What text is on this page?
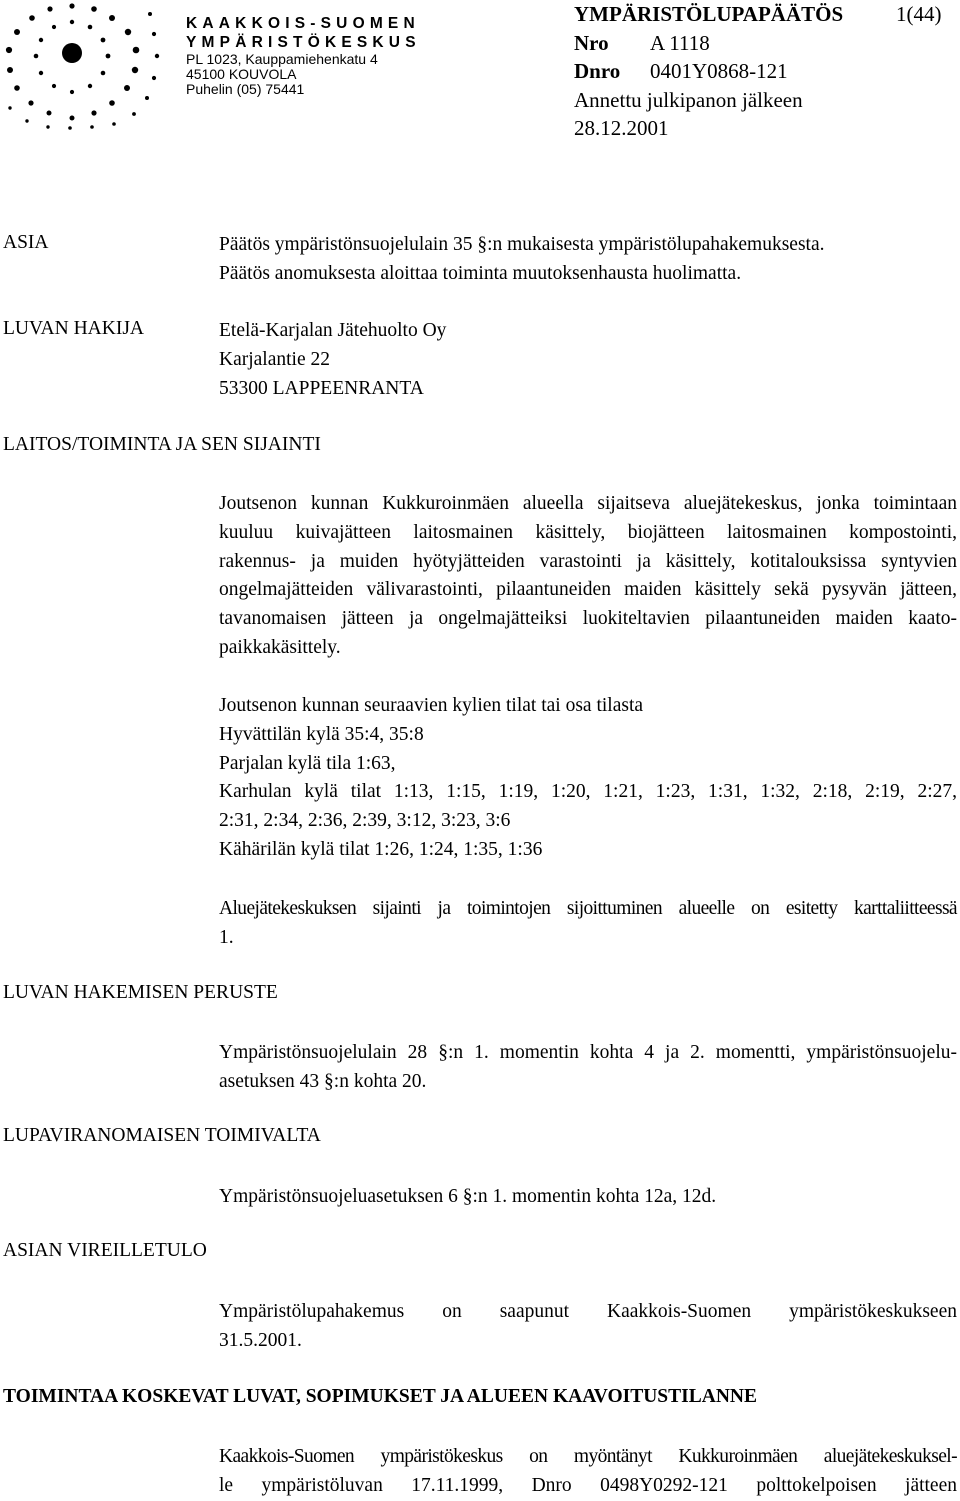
KAAKKOIS-SUOMEN
YMPÄRISTÖKESKUS
PL 1023, Kauppamiehenkatu 4
45100 KOUVOLA
Puhelin (05) 75441
YMPÄRISTÖLUPAPÄÄTÖS	1(44)
Nro A 1118
Dnro 0401Y0868-121
Annettu julkipanon jälkeen
28.12.2001
ASIA	Päätös ympäristönsuojelulain 35 §:n mukaisesta ympäristölupahakemuksesta.
Päätös anomuksesta aloittaa toiminta muutoksenhausta huolimatta.
LUVAN HAKIJA	Etelä-Karjalan Jätehuolto Oy
Karjalantie 22
53300 LAPPEENRANTA
LAITOS/TOIMINTA JA SEN SIJAINTI
Joutsenon kunnan Kukkuroinmäen alueella sijaitseva aluejätekeskus, jonka toimintaan
kuuluu kuivajätteen laitosmainen käsittely, biojätteen laitosmainen kompostointi,
rakennus- ja muiden hyötyjätteiden varastointi ja käsittely, kotitalouksissa syntyvien
ongelmajätteiden välivarastointi, pilaantuneiden maiden käsittely sekä pysyvän jätteen,
tavanomaisen jätteen ja ongelmajätteiksi luokiteltavien pilaantuneiden maiden kaato-
paikkakäsittely.
Joutsenon kunnan seuraavien kylien tilat tai osa tilasta
Hyvättilän kylä 35:4, 35:8
Parjalan kylä tila 1:63,
Karhulan kylä tilat 1:13, 1:15, 1:19, 1:20, 1:21, 1:23, 1:31, 1:32, 2:18, 2:19, 2:27,
2:31, 2:34, 2:36, 2:39, 3:12, 3:23, 3:6
Kähärilän kylä tilat 1:26, 1:24, 1:35, 1:36
Aluejätekeskuksen sijainti ja toimintojen sijoittuminen alueelle on esitetty karttaliitteessä
1.
LUVAN HAKEMISEN PERUSTE
Ympäristönsuojelulain 28 §:n 1. momentin kohta 4 ja 2. momentti, ympäristönsuojelu-
asetuksen 43 §:n kohta 20.
LUPAVIRANOMAISEN TOIMIVALTA
Ympäristönsuojeluasetuksen 6 §:n 1. momentin kohta 12a, 12d.
ASIAN VIREILLETULO
Ympäristölupahakemus on saapunut Kaakkois-Suomen ympäristökeskukseen
31.5.2001.
TOIMINTAA KOSKEVAT LUVAT, SOPIMUKSET JA ALUEEN KAAVOITUSTILANNE
Kaakkois-Suomen ympäristökeskus on myöntänyt Kukkuroinmäen aluejätekeskuksel-
le ympäristöluvan 17.11.1999, Dnro 0498Y0292-121 polttokelpoisen jätteen
